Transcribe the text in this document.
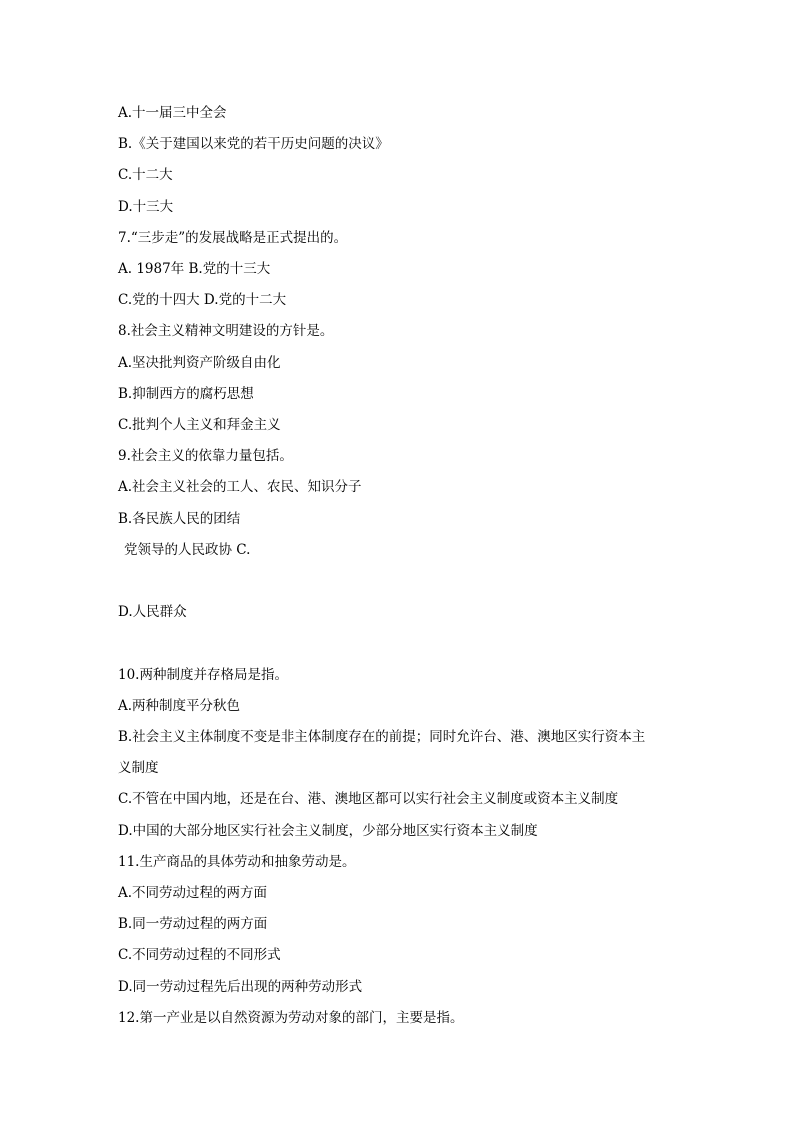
A.十一届三中全会
B.《关于建国以来党的若干历史问题的决议》
C.十二大
D.十三大
7.“三步走”的发展战略是正式提出的。
A. 1987年 B.党的十三大
C.党的十四大 D.党的十二大
8.社会主义精神文明建设的方针是。
A.坚决批判资产阶级自由化
B.抑制西方的腐朽思想
C.批判个人主义和拜金主义
9.社会主义的依靠力量包括。
A.社会主义社会的工人、农民、知识分子
B.各民族人民的团结
党领导的人民政协 C.
D.人民群众
10.两种制度并存格局是指。
A.两种制度平分秋色
B.社会主义主体制度不变是非主体制度存在的前提；同时允许台、港、澳地区实行资本主
义制度
C.不管在中国内地，还是在台、港、澳地区都可以实行社会主义制度或资本主义制度
D.中国的大部分地区实行社会主义制度，少部分地区实行资本主义制度
11.生产商品的具体劳动和抽象劳动是。
A.不同劳动过程的两方面
B.同一劳动过程的两方面
C.不同劳动过程的不同形式
D.同一劳动过程先后出现的两种劳动形式
12.第一产业是以自然资源为劳动对象的部门，主要是指。
